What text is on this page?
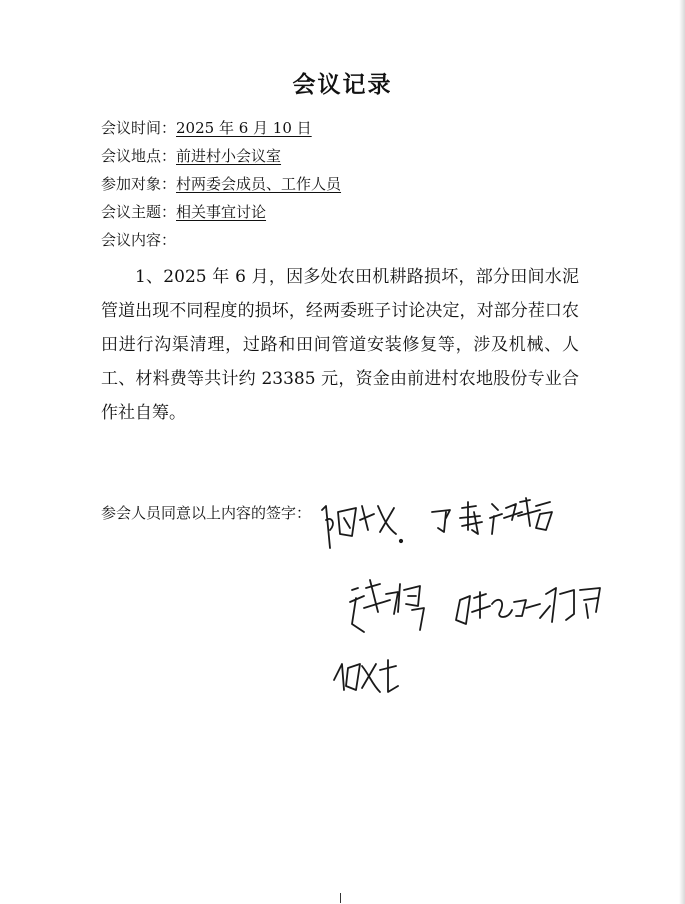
会议记录
会议时间：2025 年 6 月 10 日
会议地点：前进村小会议室
参加对象：村两委会成员、工作人员
会议主题：相关事宜讨论
会议内容：
1、2025 年 6 月，因多处农田机耕路损坏，部分田间水泥管道出现不同程度的损坏，经两委班子讨论决定，对部分茬口农田进行沟渠清理，过路和田间管道安装修复等，涉及机械、人工、材料费等共计约 23385 元，资金由前进村农地股份专业合作社自筹。
参会人员同意以上内容的签字：
